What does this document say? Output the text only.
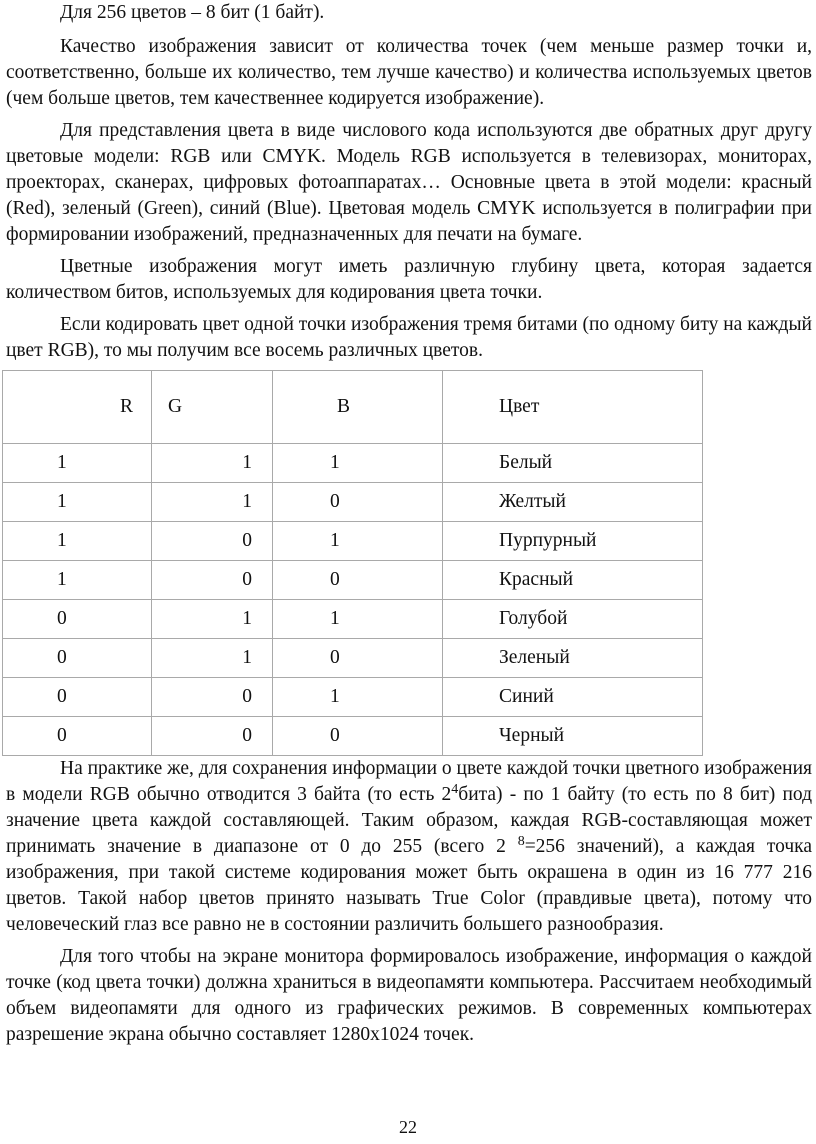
Для 256 цветов – 8 бит (1 байт).

Качество изображения зависит от количества точек (чем меньше размер точки и, соответственно, больше их количество, тем лучше качество) и количества используемых цветов (чем больше цветов, тем качественнее кодируется изображение).

Для представления цвета в виде числового кода используются две обратных друг другу цветовые модели: RGB или CMYK. Модель RGB используется в телевизорах, мониторах, проекторах, сканерах, цифровых фотоаппаратах… Основные цвета в этой модели: красный (Red), зеленый (Green), синий (Blue). Цветовая модель CMYK используется в полиграфии при формировании изображений, предназначенных для печати на бумаге.

Цветные изображения могут иметь различную глубину цвета, которая задается количеством битов, используемых для кодирования цвета точки.

Если кодировать цвет одной точки изображения тремя битами (по одному биту на каждый цвет RGB), то мы получим все восемь различных цветов.

R	G	B	Цвет
1	1	1	Белый
1	1	0	Желтый
1	0	1	Пурпурный
1	0	0	Красный
0	1	1	Голубой
0	1	0	Зеленый
0	0	1	Синий
0	0	0	Черный

На практике же, для сохранения информации о цвете каждой точки цветного изображения в модели RGB обычно отводится 3 байта (то есть $2^4бита$) - по 1 байту (то есть по 8 бит) под значение цвета каждой составляющей. Таким образом, каждая RGB-составляющая может принимать значение в диапазоне от 0 до 255 (всего 2 $^8$=256 значений), а каждая точка изображения, при такой системе кодирования может быть окрашена в один из 16 777 216 цветов. Такой набор цветов принято называть True Color (правдивые цвета), потому что человеческий глаз все равно не в состоянии различить большего разнообразия.

Для того чтобы на экране монитора формировалось изображение, информация о каждой точке (код цвета точки) должна храниться в видеопамяти компьютера. Рассчитаем необходимый объем видеопамяти для одного из графических режимов. В современных компьютерах разрешение экрана обычно составляет 1280x1024 точек.

22
